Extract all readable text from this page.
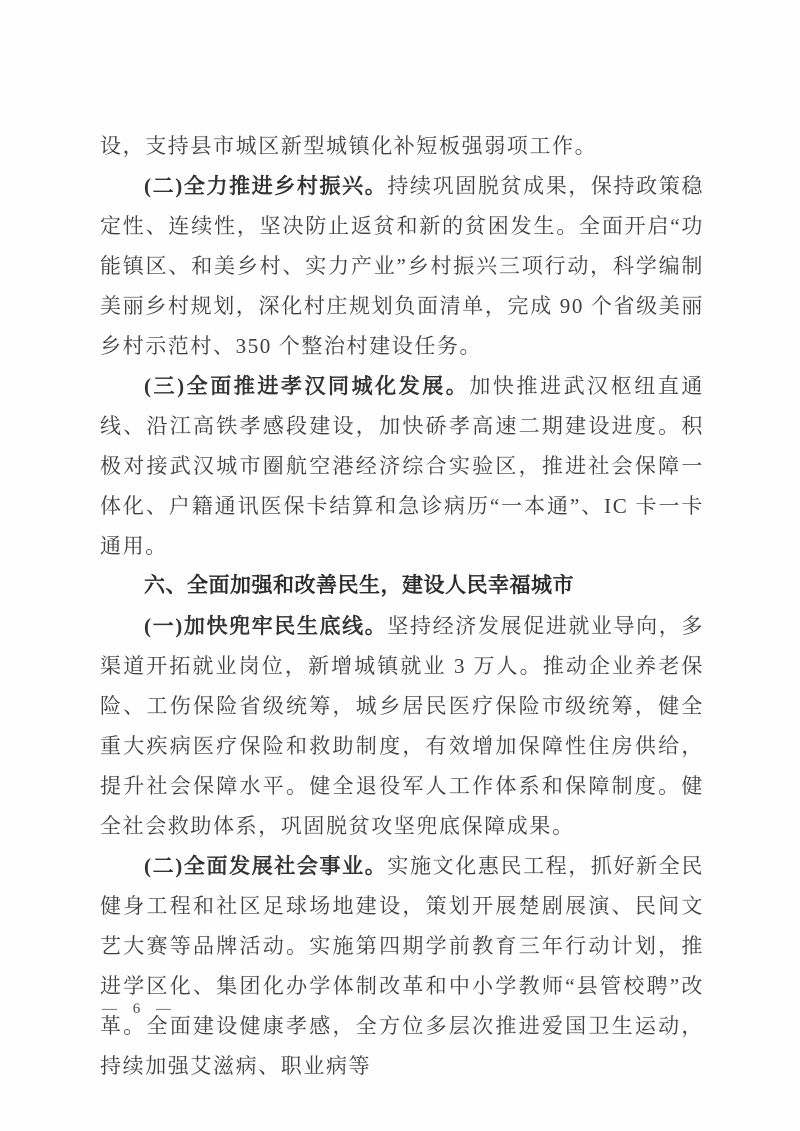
设，支持县市城区新型城镇化补短板强弱项工作。

(二)全力推进乡村振兴。持续巩固脱贫成果，保持政策稳定性、连续性，坚决防止返贫和新的贫困发生。全面开启“功能镇区、和美乡村、实力产业”乡村振兴三项行动，科学编制美丽乡村规划，深化村庄规划负面清单，完成 90 个省级美丽乡村示范村、350 个整治村建设任务。

(三)全面推进孝汉同城化发展。加快推进武汉枢纽直通线、沿江高铁孝感段建设，加快硚孝高速二期建设进度。积极对接武汉城市圈航空港经济综合实验区，推进社会保障一体化、户籍通讯医保卡结算和急诊病历“一本通”、IC 卡一卡通用。

六、全面加强和改善民生，建设人民幸福城市

(一)加快兜牢民生底线。坚持经济发展促进就业导向，多渠道开拓就业岗位，新增城镇就业 3 万人。推动企业养老保险、工伤保险省级统筹，城乡居民医疗保险市级统筹，健全重大疾病医疗保险和救助制度，有效增加保障性住房供给，提升社会保障水平。健全退役军人工作体系和保障制度。健全社会救助体系，巩固脱贫攻坚兜底保障成果。

(二)全面发展社会事业。实施文化惠民工程，抓好新全民健身工程和社区足球场地建设，策划开展楚剧展演、民间文艺大赛等品牌活动。实施第四期学前教育三年行动计划，推进学区化、集团化办学体制改革和中小学教师“县管校聘”改革。全面建设健康孝感，全方位多层次推进爱国卫生运动，持续加强艾滋病、职业病等

— 6 —
